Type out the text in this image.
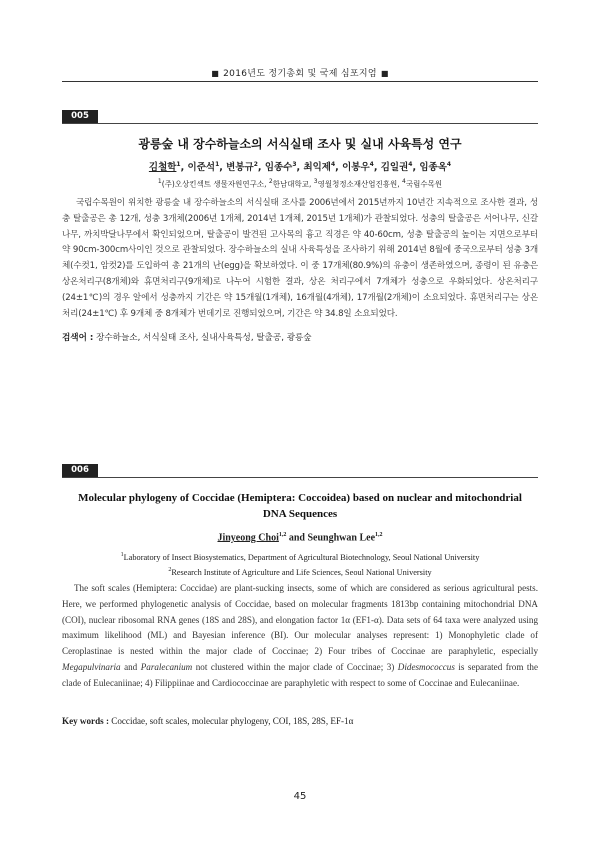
■ 2016년도 정기총회 및 국제 심포지엄 ■
005
광릉숲 내 장수하늘소의 서식실태 조사 및 실내 사육특성 연구
김철학$^1$, 이준석$^1$, 변봉규$^2$, 임종수$^3$, 최익제$^4$, 이봉우$^4$, 김일권$^4$, 임종옥$^4$
$^1$(주)오상킨섹트 생물자원연구소, $^2$한남대학교, $^3$영월청정소재산업진흥원, $^4$국립수목원

국립수목원이 위치한 광릉숲 내 장수하늘소의 서식실태 조사를 2006년에서 2015년까지 10년간 지속적으로 조사한 결과, 성충 탈출공은 총 12개, 성충 3개체(2006년 1개체, 2014년 1개체, 2015년 1개체)가 관찰되었다. 성충의 탈출공은 서어나무, 신갈나무, 까치박달나무에서 확인되었으며, 탈출공이 발견된 고사목의 흉고 직경은 약 40-60cm, 성충 탈출공의 높이는 지면으로부터 약 90cm-300cm사이인 것으로 관찰되었다. 장수하늘소의 실내 사육특성을 조사하기 위해 2014년 8월에 중국으로부터 성충 3개체(수컷1, 암컷2)를 도입하여 총 21개의 난(egg)을 확보하였다. 이 중 17개체(80.9%)의 유충이 생존하였으며, 종령이 된 유충은 상온처리구(8개체)와 휴면처리구(9개체)로 나누어 시험한 결과, 상온 처리구에서 7개체가 성충으로 우화되었다. 상온처리구(24±1℃)의 경우 알에서 성충까지 기간은 약 15개월(1개체), 16개월(4개체), 17개월(2개체)이 소요되었다. 휴면처리구는 상온처리(24±1℃) 후 9개체 중 8개체가 번데기로 진행되었으며, 기간은 약 34.8일 소요되었다.

검색어 : 장수하늘소, 서식실태 조사, 실내사육특성, 탈출공, 광릉숲
006
Molecular phylogeny of Coccidae (Hemiptera: Coccoidea) based on nuclear and mitochondrial
DNA Sequences
Jinyeong Choi$^{1,2}$ and Seunghwan Lee$^{1,2}$
$^1$Laboratory of Insect Biosystematics, Department of Agricultural Biotechnology, Seoul National University
$^2$Research Institute of Agriculture and Life Sciences, Seoul National University

The soft scales (Hemiptera: Coccidae) are plant-sucking insects, some of which are considered as serious agricultural pests. Here, we performed phylogenetic analysis of Coccidae, based on molecular fragments 1813bp containing mitochondrial DNA (COI), nuclear ribosomal RNA genes (18S and 28S), and elongation factor 1α (EF1-α). Data sets of 64 taxa were analyzed using maximum likelihood (ML) and Bayesian inference (BI). Our molecular analyses represent: 1) Monophyletic clade of Ceroplastinae is nested within the major clade of Coccinae; 2) Four tribes of Coccinae are paraphyletic, especially Megapulvinaria and Paralecanium not clustered within the major clade of Coccinae; 3) Didesmococcus is separated from the clade of Eulecaniinae; 4) Filippiinae and Cardiococcinae are paraphyletic with respect to some of Coccinae and Eulecaniinae.

Key words : Coccidae, soft scales, molecular phylogeny, COI, 18S, 28S, EF-1α
45
